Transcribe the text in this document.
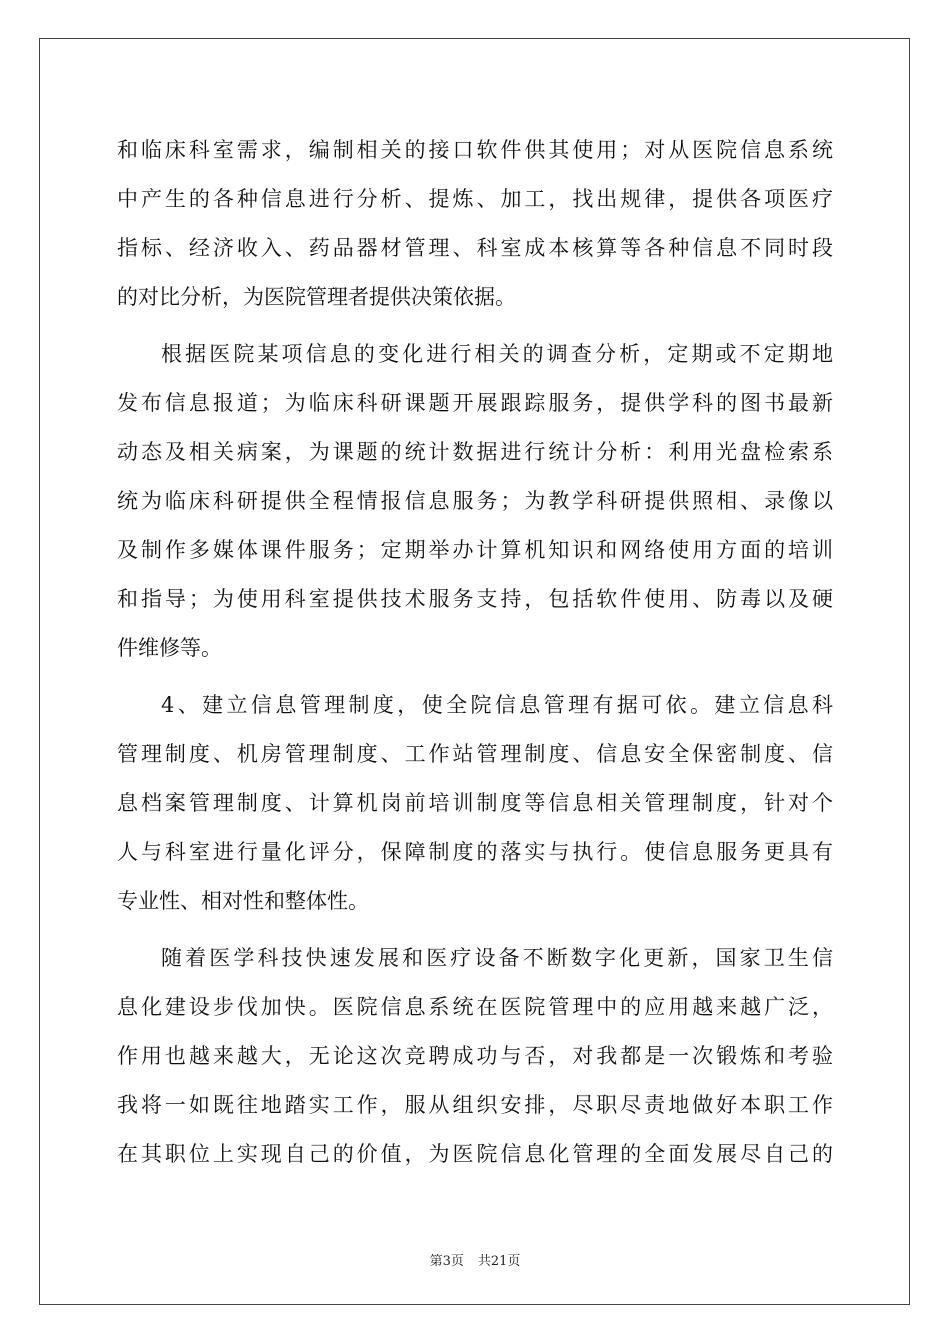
和临床科室需求，编制相关的接口软件供其使用；对从医院信息系统
中产生的各种信息进行分析、提炼、加工，找出规律，提供各项医疗
指标、经济收入、药品器材管理、科室成本核算等各种信息不同时段
的对比分析，为医院管理者提供决策依据。
根据医院某项信息的变化进行相关的调查分析，定期或不定期地
发布信息报道；为临床科研课题开展跟踪服务，提供学科的图书最新
动态及相关病案，为课题的统计数据进行统计分析：利用光盘检索系
统为临床科研提供全程情报信息服务；为教学科研提供照相、录像以
及制作多媒体课件服务；定期举办计算机知识和网络使用方面的培训
和指导；为使用科室提供技术服务支持，包括软件使用、防毒以及硬
件维修等。
4、建立信息管理制度，使全院信息管理有据可依。建立信息科
管理制度、机房管理制度、工作站管理制度、信息安全保密制度、信
息档案管理制度、计算机岗前培训制度等信息相关管理制度，针对个
人与科室进行量化评分，保障制度的落实与执行。使信息服务更具有
专业性、相对性和整体性。
随着医学科技快速发展和医疗设备不断数字化更新，国家卫生信
息化建设步伐加快。医院信息系统在医院管理中的应用越来越广泛，
作用也越来越大，无论这次竞聘成功与否，对我都是一次锻炼和考验
我将一如既往地踏实工作，服从组织安排，尽职尽责地做好本职工作
在其职位上实现自己的价值，为医院信息化管理的全面发展尽自己的
第3页 共21页
